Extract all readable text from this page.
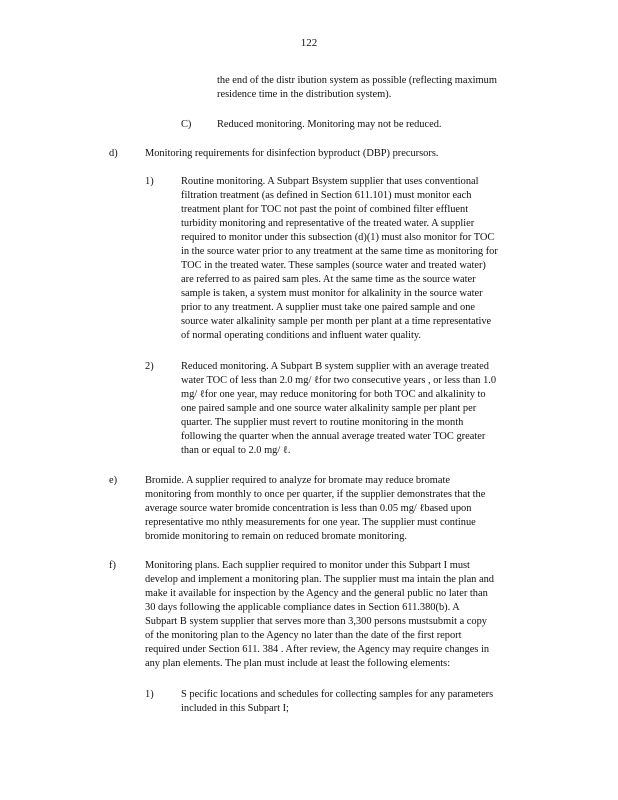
122
the end of the distr ibution system as possible (reflecting maximum
residence time in the distribution system).
C) Reduced monitoring. Monitoring may not be reduced.
d)	Monitoring requirements for disinfection byproduct (DBP) precursors.
1)	Routine monitoring. A Subpart Bsystem supplier that uses conventional
filtration treatment (as defined in Section 611.101) must monitor each
treatment plant for TOC not past the point of combined filter effluent
turbidity monitoring and representative of the treated water. A supplier
required to monitor under this subsection (d)(1) must also monitor for TOC
in the source water prior to any treatment at the same time as monitoring for
TOC in the treated water. These samples (source water and treated water)
are referred to as paired sam ples. At the same time as the source water
sample is taken, a system must monitor for alkalinity in the source water
prior to any treatment. A supplier must take one paired sample and one
source water alkalinity sample per month per plant at a time representative
of normal operating conditions and influent water quality.
2)	Reduced monitoring. A Subpart B system supplier with an average treated
water TOC of less than 2.0 mg/ ℓfor two consecutive years , or less than 1.0
mg/ ℓfor one year, may reduce monitoring for both TOC and alkalinity to
one paired sample and one source water alkalinity sample per plant per
quarter. The supplier must revert to routine monitoring in the month
following the quarter when the annual average treated water TOC greater
than or equal to 2.0 mg/ ℓ.
e)	Bromide. A supplier required to analyze for bromate may reduce bromate
monitoring from monthly to once per quarter, if the supplier demonstrates that the
average source water bromide concentration is less than 0.05 mg/ ℓbased upon
representative mo nthly measurements for one year. The supplier must continue
bromide monitoring to remain on reduced bromate monitoring.
f)	Monitoring plans. Each supplier required to monitor under this Subpart I must
develop and implement a monitoring plan. The supplier must ma intain the plan and
make it available for inspection by the Agency and the general public no later than
30 days following the applicable compliance dates in Section 611.380(b). A
Subpart B system supplier that serves more than 3,300 persons mustsubmit a copy
of the monitoring plan to the Agency no later than the date of the first report
required under Section 611. 384 . After review, the Agency may require changes in
any plan elements. The plan must include at least the following elements:
1)	S pecific locations and schedules for collecting samples for any parameters
included in this Subpart I;
